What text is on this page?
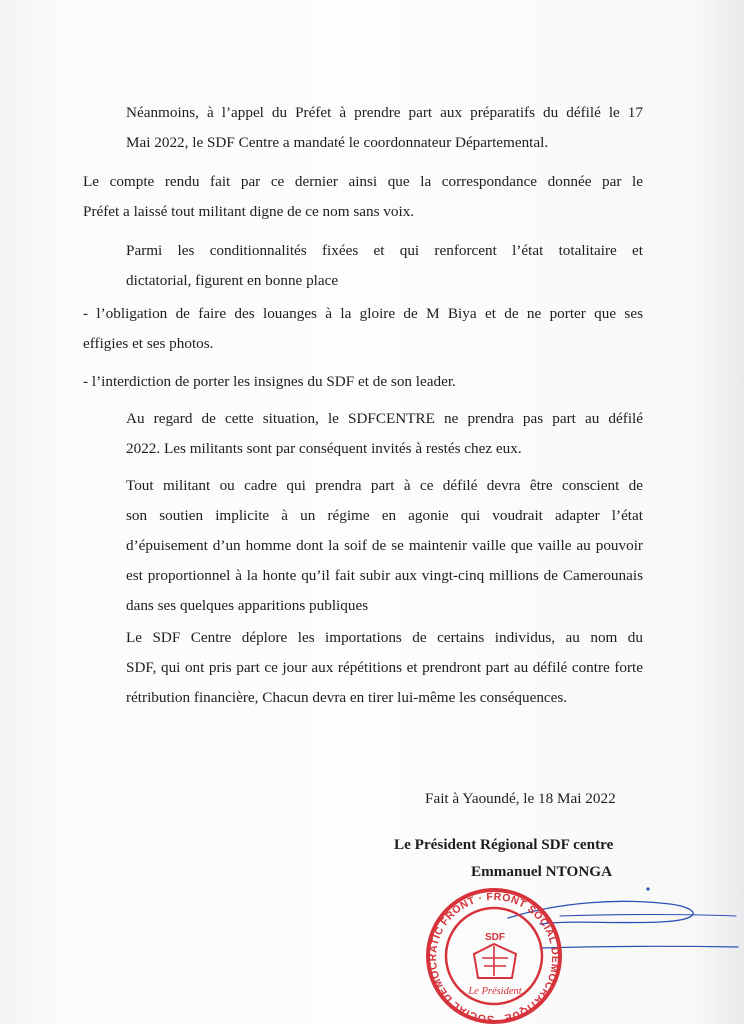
Néanmoins, à l’appel du Préfet à prendre part aux préparatifs du défilé le 17
Mai 2022, le SDF Centre a mandaté le coordonnateur Départemental.

Le compte rendu fait par ce dernier ainsi que la correspondance donnée par le
Préfet a laissé tout militant digne de ce nom sans voix.

Parmi les conditionnalités fixées et qui renforcent l’état totalitaire et
dictatorial, figurent en bonne place

- l’obligation de faire des louanges à la gloire de M Biya et de ne porter que ses
effigies et ses photos.

- l’interdiction de porter les insignes du SDF et de son leader.

Au regard de cette situation, le SDFCENTRE ne prendra pas part au défilé
2022. Les militants sont par conséquent invités à restés chez eux.

Tout militant ou cadre qui prendra part à ce défilé devra être conscient de
son soutien implicite à un régime en agonie qui voudrait adapter l’état
d’épuisement d’un homme dont la soif de se maintenir vaille que vaille au pouvoir
est proportionnel à la honte qu’il fait subir aux vingt-cinq millions de Camerounais
dans ses quelques apparitions publiques

Le SDF Centre déplore les importations de certains individus, au nom du
SDF, qui ont pris part ce jour aux répétitions et prendront part au défilé contre forte
rétribution financière, Chacun devra en tirer lui-même les conséquences.

Fait à Yaoundé, le 18 Mai 2022
Le Président Régional SDF centre
Emmanuel NTONGA
SOCIAL DEMOCRATIC FRONT · FRONT SOCIAL DÉMOCRATIQUE
SDF
Le Président
